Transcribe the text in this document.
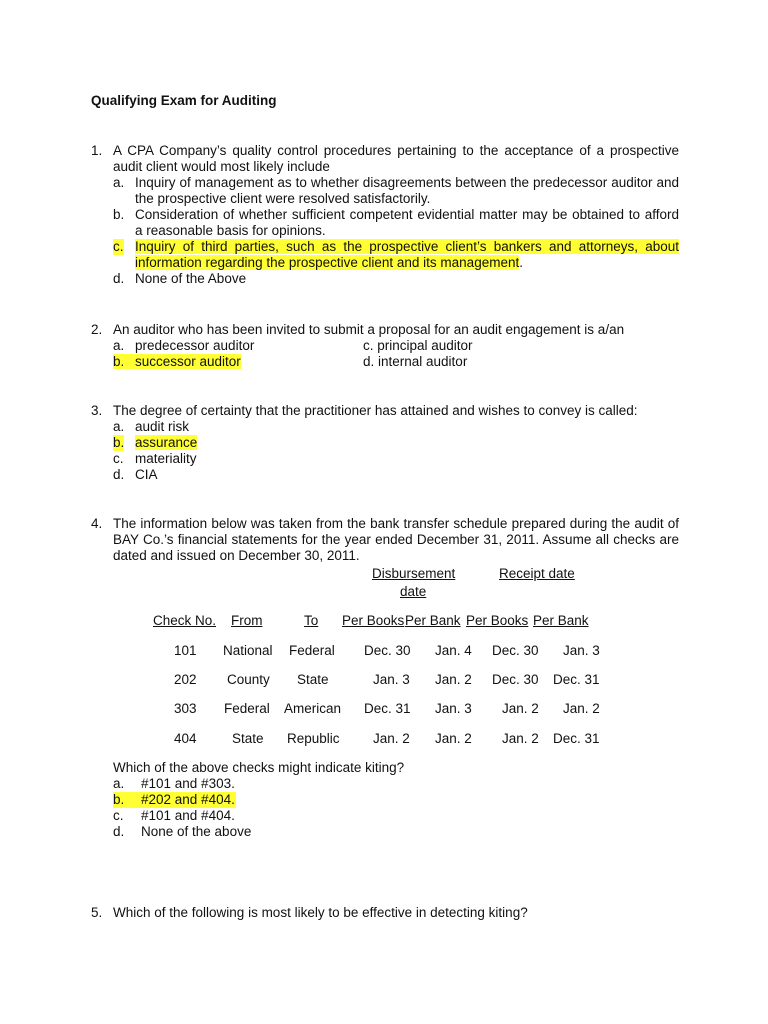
Qualifying Exam for Auditing
1. A CPA Company’s quality control procedures pertaining to the acceptance of a prospective audit client would most likely include
a. Inquiry of management as to whether disagreements between the predecessor auditor and the prospective client were resolved satisfactorily.
b. Consideration of whether sufficient competent evidential matter may be obtained to afford a reasonable basis for opinions.
c. Inquiry of third parties, such as the prospective client’s bankers and attorneys, about information regarding the prospective client and its management.
d. None of the Above
2. An auditor who has been invited to submit a proposal for an audit engagement is a/an
a. predecessor auditor	c. principal auditor
b. successor auditor	d. internal auditor
3. The degree of certainty that the practitioner has attained and wishes to convey is called:
a. audit risk
b. assurance
c. materiality
d. CIA
4. The information below was taken from the bank transfer schedule prepared during the audit of BAY Co.’s financial statements for the year ended December 31, 2011. Assume all checks are dated and issued on December 30, 2011.
Disbursement
date
Receipt date
Check No. From	To Per Books Per Bank Per Books Per Bank
101 National Federal Dec. 30 Jan. 4 Dec. 30 Jan. 3
202 County State	Jan. 3 Jan. 2 Dec. 30 Dec. 31
303 Federal American Dec. 31 Jan. 3 Jan. 2 Jan. 2
404	State Republic Jan. 2 Jan. 2 Jan. 2 Dec. 31
Which of the above checks might indicate kiting?
a. #101 and #303.
b. #202 and #404.
c. #101 and #404.
d. None of the above
5. Which of the following is most likely to be effective in detecting kiting?
